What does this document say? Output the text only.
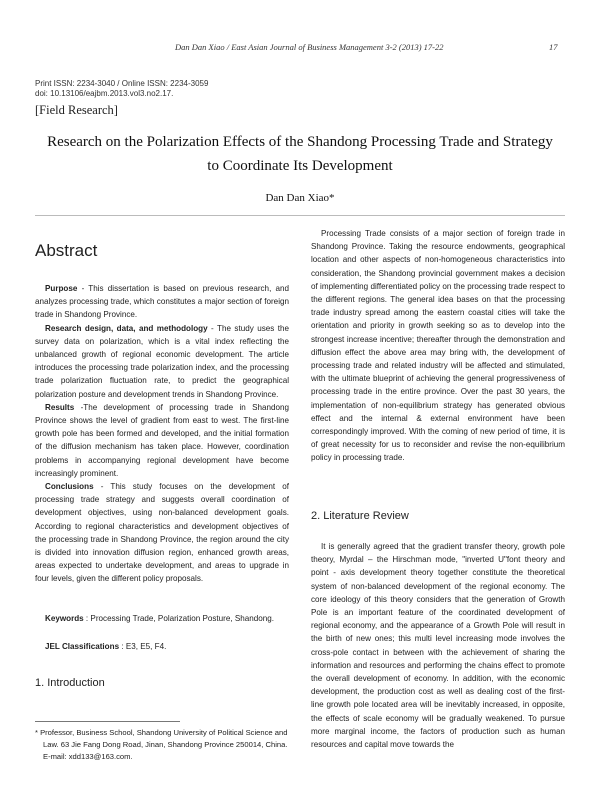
Dan Dan Xiao / East Asian Journal of Business Management 3-2 (2013) 17-22	17
Print ISSN: 2234-3040 / Online ISSN: 2234-3059
doi: 10.13106/eajbm.2013.vol3.no2.17.
[Field Research]
Research on the Polarization Effects of the Shandong Processing Trade and Strategy
to Coordinate Its Development
Dan Dan Xiao*
Abstract

Purpose - This dissertation is based on previous research, and analyzes processing trade, which constitutes a major section of foreign trade in Shandong Province.

Research design, data, and methodology - The study uses the survey data on polarization, which is a vital index reflecting the unbalanced growth of regional economic development. The article introduces the processing trade polarization index, and the processing trade polarization fluctuation rate, to predict the geographical polarization posture and development trends in Shandong Province.

Results -The development of processing trade in Shandong Province shows the level of gradient from east to west. The first-line growth pole has been formed and developed, and the initial formation of the diffusion mechanism has taken place. However, coordination problems in accompanying regional development have become increasingly prominent.

Conclusions - This study focuses on the development of processing trade strategy and suggests overall coordination of development objectives, using non-balanced development goals. According to regional characteristics and development objectives of the processing trade in Shandong Province, the region around the city is divided into innovation diffusion region, enhanced growth areas, areas expected to undertake development, and areas to upgrade in four levels, given the different policy proposals.

Keywords : Processing Trade, Polarization Posture, Shandong.

JEL Classifications : E3, E5, F4.

1. Introduction
* Professor, Business School, Shandong University of Political Science and Law. 63 Jie Fang Dong Road, Jinan, Shandong Province 250014, China. E-mail: xdd133@163.com.

Processing Trade consists of a major section of foreign trade in Shandong Province. Taking the resource endowments, geographical location and other aspects of non-homogeneous characteristics into consideration, the Shandong provincial government makes a decision of implementing differentiated policy on the processing trade respect to the different regions. The general idea bases on that the processing trade industry spread among the eastern coastal cities will take the orientation and priority in growth seeking so as to develop into the strongest increase incentive; thereafter through the demonstration and diffusion effect the above area may bring with, the development of processing trade and related industry will be affected and stimulated, with the ultimate blueprint of achieving the general progressiveness of processing trade in the entire province. Over the past 30 years, the implementation of non-equilibrium strategy has generated obvious effect and the internal & external environment have been correspondingly improved. With the coming of new period of time, it is of great necessity for us to reconsider and revise the non-equilibrium policy in processing trade.

2. Literature Review

It is generally agreed that the gradient transfer theory, growth pole theory, Myrdal – the Hirschman mode, "inverted U"font theory and point - axis development theory together constitute the theoretical system of non-balanced development of the regional economy. The core ideology of this theory considers that the generation of Growth Pole is an important feature of the coordinated development of regional economy, and the appearance of a Growth Pole will result in the birth of new ones; this multi level increasing mode involves the cross-pole contact in between with the achievement of sharing the information and resources and performing the chains effect to promote the overall development of economy. In addition, with the economic development, the production cost as well as dealing cost of the first-line growth pole located area will be inevitably increased, in opposite, the effects of scale economy will be gradually weakened. To pursue more marginal income, the factors of production such as human resources and capital move towards the
